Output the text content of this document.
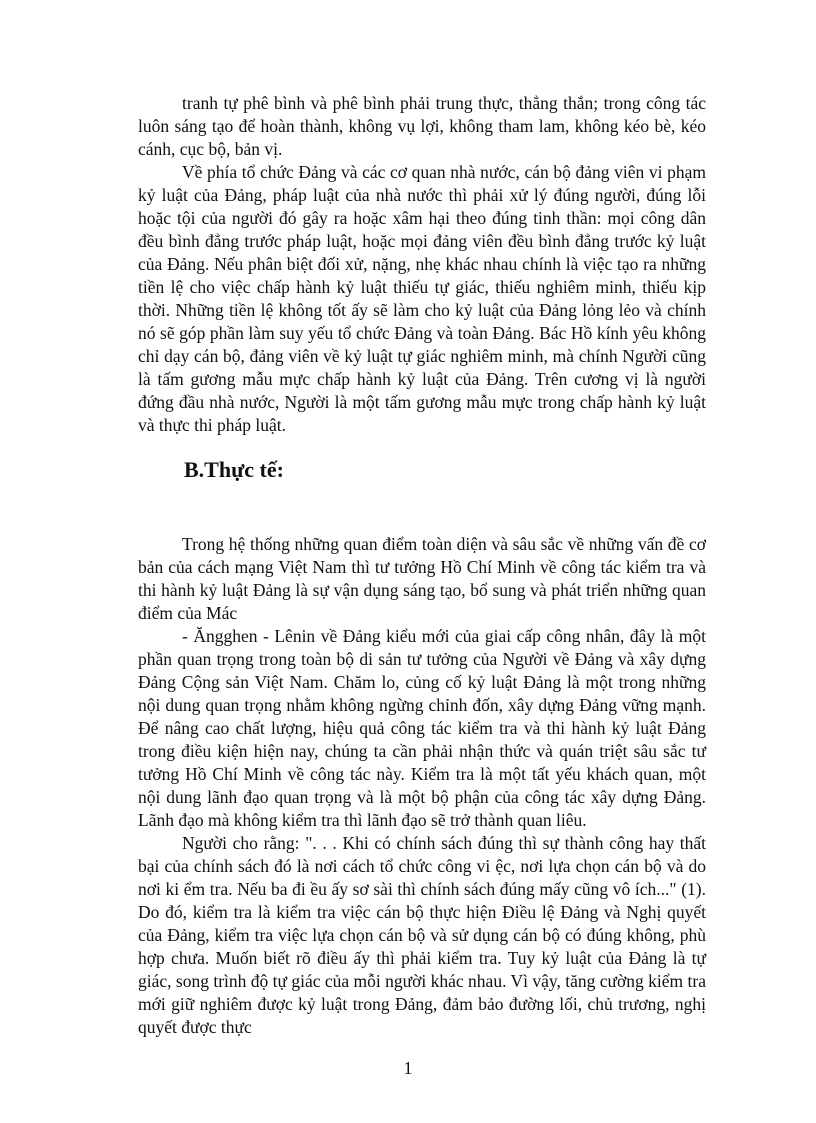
tranh tự phê bình và phê bình phải trung thực, thẳng thắn; trong công tác luôn sáng tạo để hoàn thành, không vụ lợi, không tham lam, không kéo bè, kéo cánh, cục bộ, bản vị.

Về phía tổ chức Đảng và các cơ quan nhà nước, cán bộ đảng viên vi phạm kỷ luật của Đảng, pháp luật của nhà nước thì phải xử lý đúng người, đúng lỗi hoặc tội của người đó gây ra hoặc xâm hại theo đúng tinh thần: mọi công dân đều bình đẳng trước pháp luật, hoặc mọi đảng viên đều bình đẳng trước kỷ luật của Đảng. Nếu phân biệt đối xử, nặng, nhẹ khác nhau chính là việc tạo ra những tiền lệ cho việc chấp hành kỷ luật thiếu tự giác, thiếu nghiêm minh, thiếu kịp thời. Những tiền lệ không tốt ấy sẽ làm cho kỷ luật của Đảng lỏng lẻo và chính nó sẽ góp phần làm suy yếu tổ chức Đảng và toàn Đảng. Bác Hồ kính yêu không chỉ dạy cán bộ, đảng viên về kỷ luật tự giác nghiêm minh, mà chính Người cũng là tấm gương mẫu mực chấp hành kỷ luật của Đảng. Trên cương vị là người đứng đầu nhà nước, Người là một tấm gương mẫu mực trong chấp hành kỷ luật và thực thi pháp luật.

B.Thực tế:

Trong hệ thống những quan điểm toàn diện và sâu sắc về những vấn đề cơ bản của cách mạng Việt Nam thì tư tưởng Hồ Chí Minh về công tác kiểm tra và thi hành kỷ luật Đảng là sự vận dụng sáng tạo, bổ sung và phát triển những quan điểm của Mác

- Ăngghen - Lênin về Đảng kiểu mới của giai cấp công nhân, đây là một phần quan trọng trong toàn bộ di sản tư tưởng của Người về Đảng và xây dựng Đảng Cộng sản Việt Nam. Chăm lo, củng cố kỷ luật Đảng là một trong những nội dung quan trọng nhằm không ngừng chỉnh đốn, xây dựng Đảng vững mạnh. Để nâng cao chất lượng, hiệu quả công tác kiểm tra và thi hành kỷ luật Đảng trong điều kiện hiện nay, chúng ta cần phải nhận thức và quán triệt sâu sắc tư tưởng Hồ Chí Minh về công tác này. Kiểm tra là một tất yếu khách quan, một nội dung lãnh đạo quan trọng và là một bộ phận của công tác xây dựng Đảng. Lãnh đạo mà không kiểm tra thì lãnh đạo sẽ trở thành quan liêu.

Người cho rằng: ". . . Khi có chính sách đúng thì sự thành công hay thất bại của chính sách đó là nơi cách tổ chức công vi ệc, nơi lựa chọn cán bộ và do nơi ki ểm tra. Nếu ba đi ều ấy sơ sài thì chính sách đúng mấy cũng vô ích..." (1). Do đó, kiểm tra là kiểm tra việc cán bộ thực hiện Điều lệ Đảng và Nghị quyết của Đảng, kiểm tra việc lựa chọn cán bộ và sử dụng cán bộ có đúng không, phù hợp chưa. Muốn biết rõ điều ấy thì phải kiểm tra. Tuy kỷ luật của Đảng là tự giác, song trình độ tự giác của mỗi người khác nhau. Vì vậy, tăng cường kiểm tra mới giữ nghiêm được kỷ luật trong Đảng, đảm bảo đường lối, chủ trương, nghị quyết được thực

1
